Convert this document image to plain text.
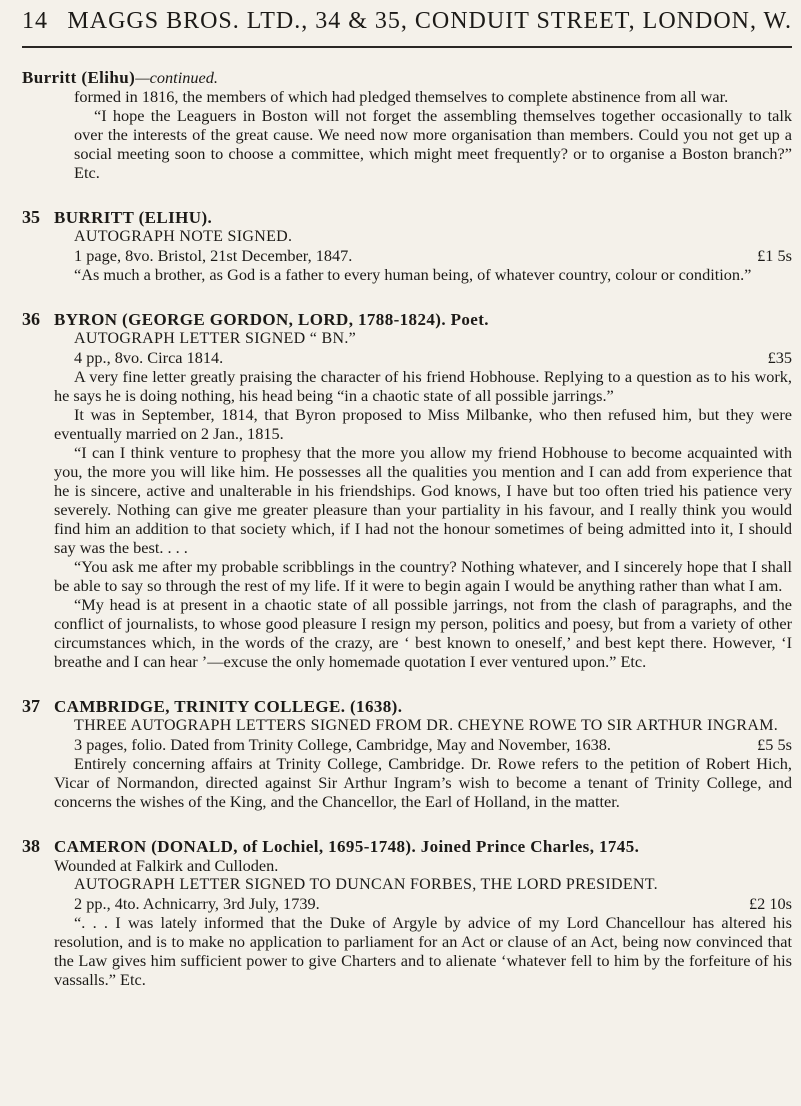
14 MAGGS BROS. LTD., 34 & 35, CONDUIT STREET, LONDON, W.
Burritt (Elihu) —continued.

formed in 1816, the members of which had pledged themselves to complete abstinence from all war.

“I hope the Leaguers in Boston will not forget the assembling themselves together occasionally to talk over the interests of the great cause. We need now more organisation than members. Could you not get up a social meeting soon to choose a committee, which might meet frequently? or to organise a Boston branch?” Etc.

35 BURRITT (ELIHU).
AUTOGRAPH NOTE SIGNED.
1 page, 8vo. Bristol, 21st December, 1847.	£1 5s

“As much a brother, as God is a father to every human being, of whatever country, colour or condition.”

36 BYRON (GEORGE GORDON, LORD, 1788-1824). Poet.
AUTOGRAPH LETTER SIGNED “ BN.”
4 pp., 8vo. Circa 1814.	£35

A very fine letter greatly praising the character of his friend Hobhouse. Replying to a question as to his work, he says he is doing nothing, his head being “in a chaotic state of all possible jarrings.”

It was in September, 1814, that Byron proposed to Miss Milbanke, who then refused him, but they were eventually married on 2 Jan., 1815.

“I can I think venture to prophesy that the more you allow my friend Hobhouse to become acquainted with you, the more you will like him. He possesses all the qualities you mention and I can add from experience that he is sincere, active and unalterable in his friendships. God knows, I have but too often tried his patience very severely. Nothing can give me greater pleasure than your partiality in his favour, and I really think you would find him an addition to that society which, if I had not the honour sometimes of being admitted into it, I should say was the best. . . .

“You ask me after my probable scribblings in the country? Nothing whatever, and I sincerely hope that I shall be able to say so through the rest of my life. If it were to begin again I would be anything rather than what I am.

“My head is at present in a chaotic state of all possible jarrings, not from the clash of paragraphs, and the conflict of journalists, to whose good pleasure I resign my person, politics and poesy, but from a variety of other circumstances which, in the words of the crazy, are ‘ best known to oneself,’ and best kept there. However, ‘I breathe and I can hear ’—excuse the only homemade quotation I ever ventured upon.” Etc.

37 CAMBRIDGE, TRINITY COLLEGE. (1638).
THREE AUTOGRAPH LETTERS SIGNED FROM DR. CHEYNE ROWE TO SIR ARTHUR INGRAM.
3 pages, folio. Dated from Trinity College, Cambridge, May and November, 1638.	£5 5s

Entirely concerning affairs at Trinity College, Cambridge. Dr. Rowe refers to the petition of Robert Hich, Vicar of Normandon, directed against Sir Arthur Ingram’s wish to become a tenant of Trinity College, and concerns the wishes of the King, and the Chancellor, the Earl of Holland, in the matter.

38 CAMERON (DONALD, of Lochiel, 1695-1748). Joined Prince Charles, 1745.
Wounded at Falkirk and Culloden.
AUTOGRAPH LETTER SIGNED TO DUNCAN FORBES, THE LORD PRESIDENT.
2 pp., 4to. Achnicarry, 3rd July, 1739.	£2 10s

“. . . I was lately informed that the Duke of Argyle by advice of my Lord Chancellour has altered his resolution, and is to make no application to parliament for an Act or clause of an Act, being now convinced that the Law gives him sufficient power to give Charters and to alienate ‘whatever fell to him by the forfeiture of his vassalls.” Etc.
